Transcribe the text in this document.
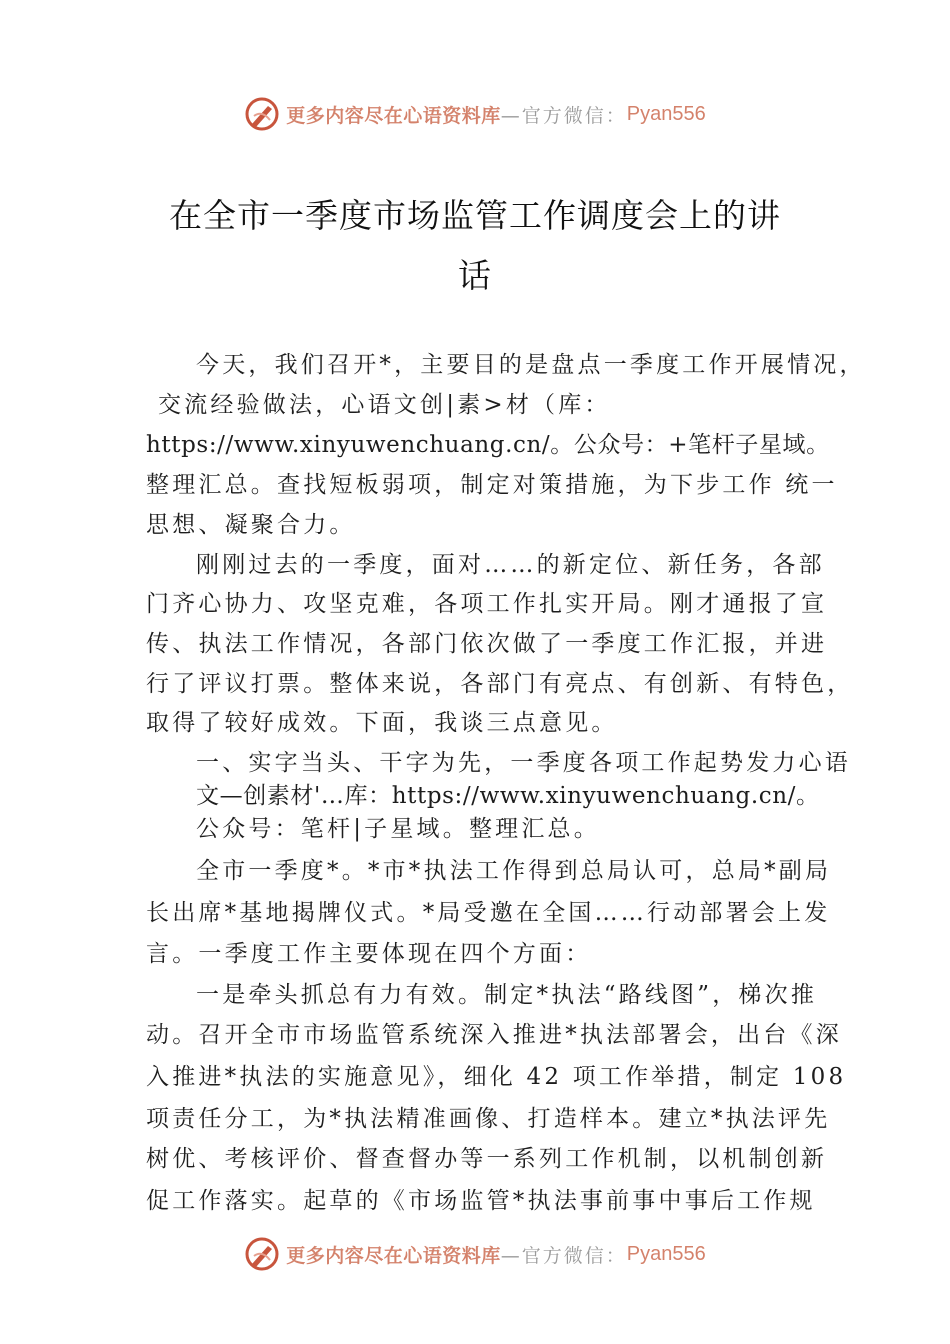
更多内容尽在心语资料库 —官方微信： Pyan556
在全市一季度市场监管工作调度会上的讲
话
今天，我们召开*，主要目的是盘点一季度工作开展情况，
交流经验做法，心语文创|素>材（库：
https://www.xinyuwenchuang.cn/。公众号：+笔杆子星域。
整理汇总。查找短板弱项，制定对策措施，为下步工作 统一
思想、凝聚合力。
刚刚过去的一季度，面对……的新定位、新任务，各部
门齐心协力、攻坚克难，各项工作扎实开局。刚才通报了宣
传、执法工作情况，各部门依次做了一季度工作汇报，并进
行了评议打票。整体来说，各部门有亮点、有创新、有特色，
取得了较好成效。下面，我谈三点意见。
一、实字当头、干字为先，一季度各项工作起势发力心语
文—创素材'…库：https://www.xinyuwenchuang.cn/。
公众号：笔杆|子星域。整理汇总。
全市一季度*。*市*执法工作得到总局认可，总局*副局
长出席*基地揭牌仪式。*局受邀在全国……行动部署会上发
言。一季度工作主要体现在四个方面：
一是牵头抓总有力有效。制定*执法“路线图”，梯次推
动。召开全市市场监管系统深入推进*执法部署会，出台《深
入推进*执法的实施意见》，细化 42 项工作举措，制定 108
项责任分工，为*执法精准画像、打造样本。建立*执法评先
树优、考核评价、督查督办等一系列工作机制，以机制创新
促工作落实。起草的《市场监管*执法事前事中事后工作规
更多内容尽在心语资料库 —官方微信： Pyan556
